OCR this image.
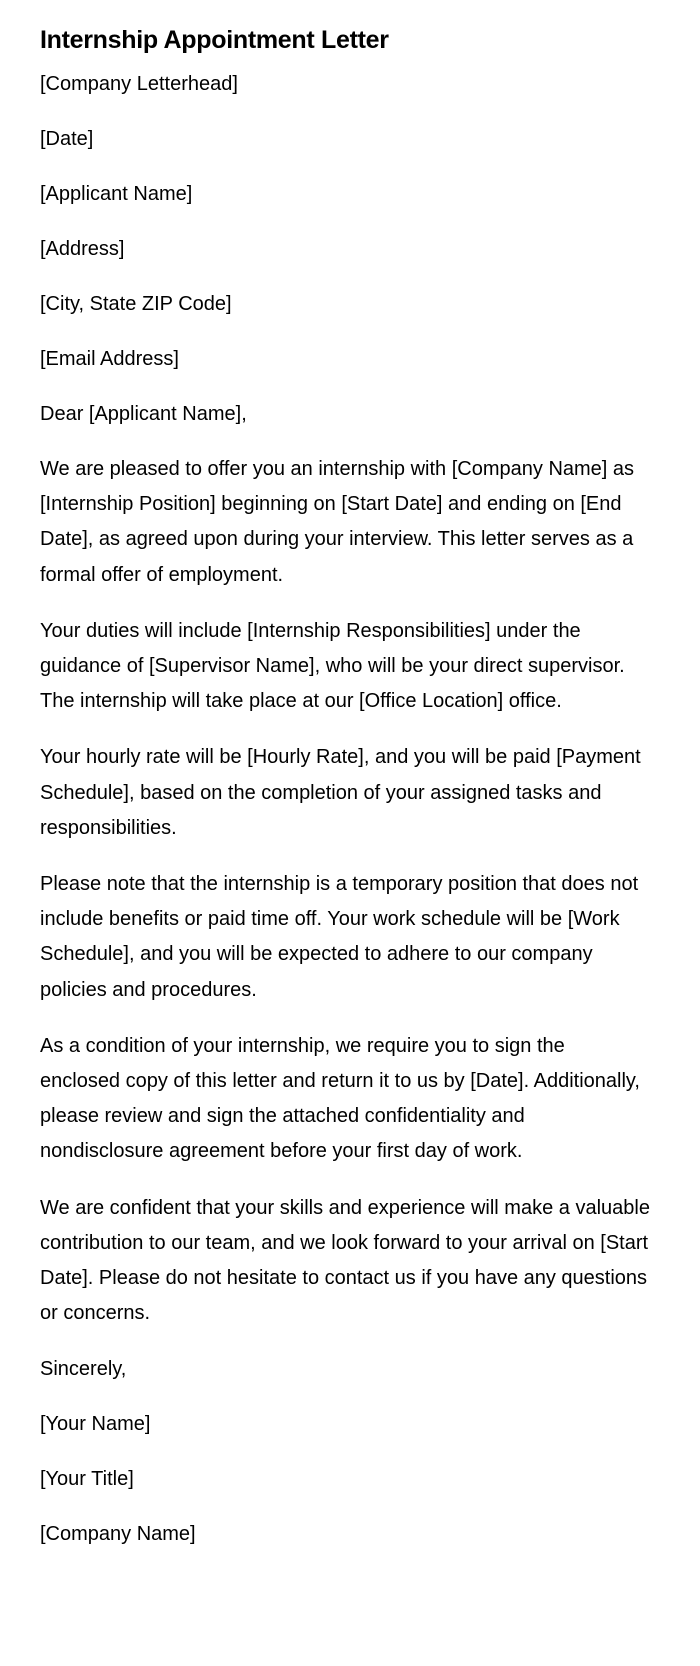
Internship Appointment Letter
[Company Letterhead]
[Date]
[Applicant Name]
[Address]
[City, State ZIP Code]
[Email Address]
Dear [Applicant Name],

We are pleased to offer you an internship with [Company Name] as [Internship Position] beginning on [Start Date] and ending on [End Date], as agreed upon during your interview. This letter serves as a formal offer of employment.

Your duties will include [Internship Responsibilities] under the guidance of [Supervisor Name], who will be your direct supervisor. The internship will take place at our [Office Location] office.

Your hourly rate will be [Hourly Rate], and you will be paid [Payment Schedule], based on the completion of your assigned tasks and responsibilities.

Please note that the internship is a temporary position that does not include benefits or paid time off. Your work schedule will be [Work Schedule], and you will be expected to adhere to our company policies and procedures.

As a condition of your internship, we require you to sign the enclosed copy of this letter and return it to us by [Date]. Additionally, please review and sign the attached confidentiality and nondisclosure agreement before your first day of work.

We are confident that your skills and experience will make a valuable contribution to our team, and we look forward to your arrival on [Start Date]. Please do not hesitate to contact us if you have any questions or concerns.

Sincerely,
[Your Name]
[Your Title]
[Company Name]
